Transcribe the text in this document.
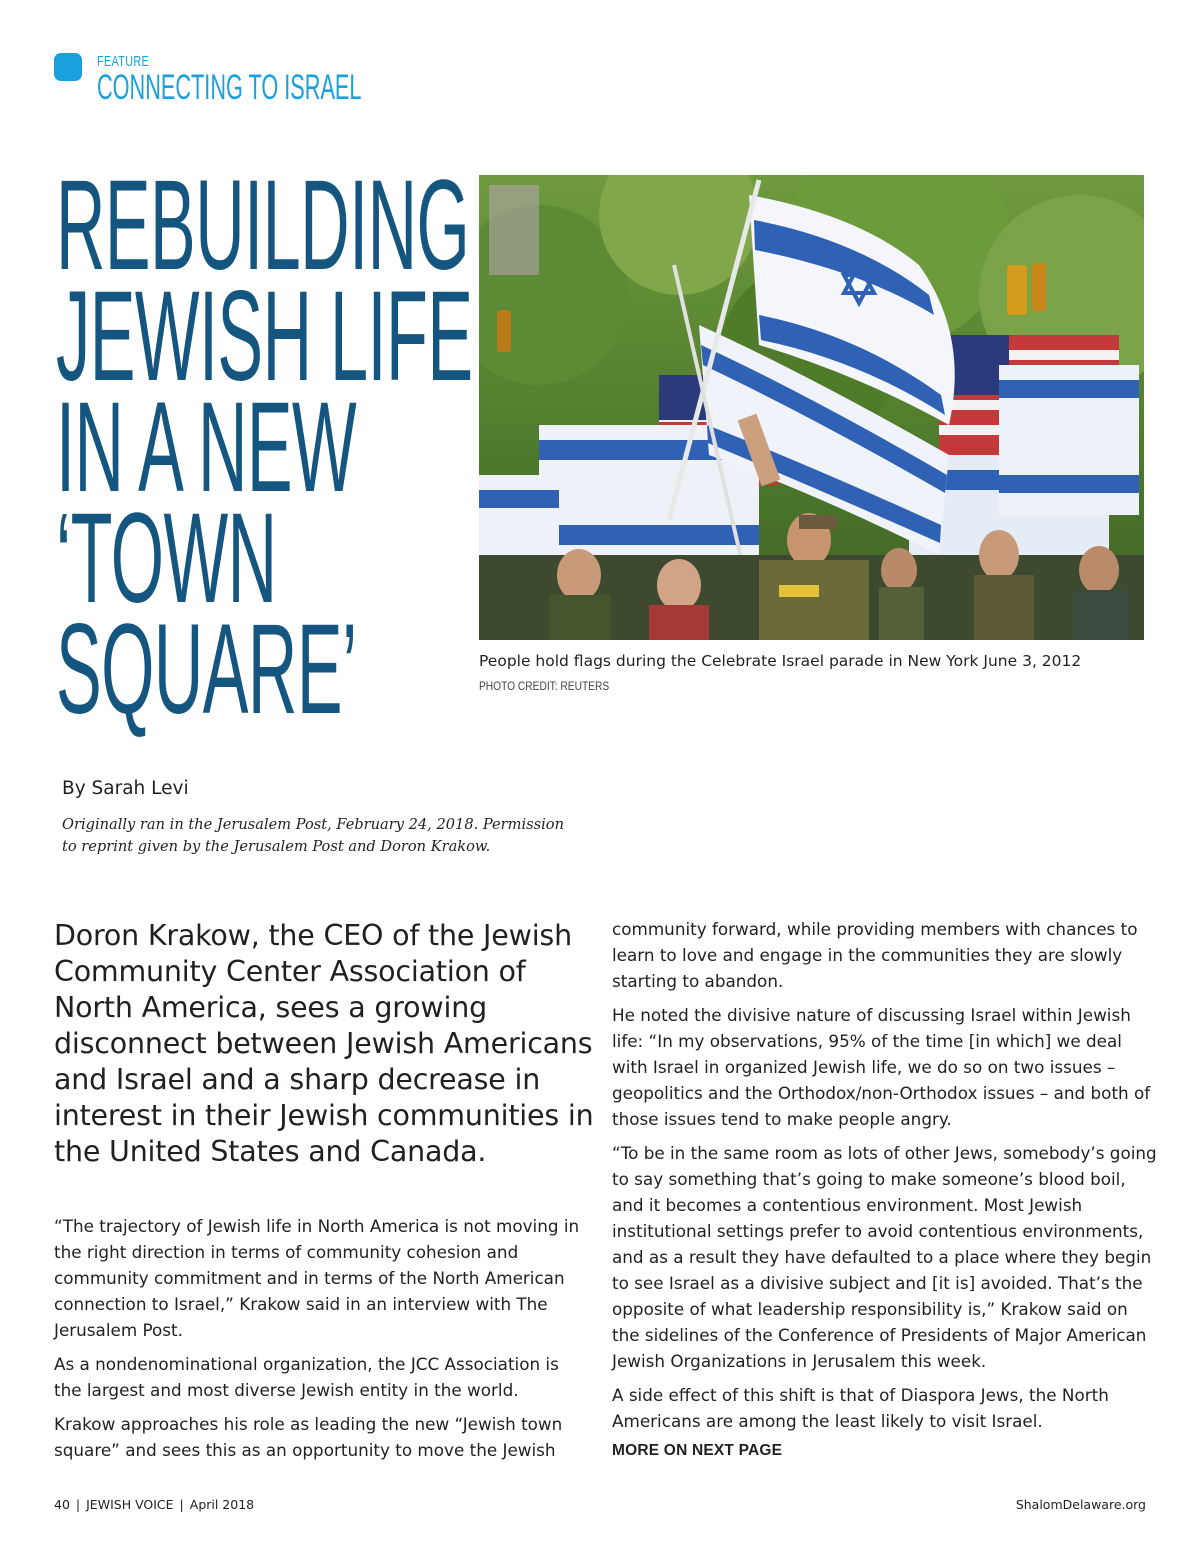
FEATURE
CONNECTING TO ISRAEL
REBUILDING
JEWISH LIFE
IN A NEW
‘TOWN
SQUARE’	People hold flags during the Celebrate Israel parade in New York June 3, 2012
PHOTO CREDIT: REUTERS
By Sarah Levi
Originally ran in the Jerusalem Post, February 24, 2018. Permission to reprint given by the Jerusalem Post and Doron Krakow.
Doron Krakow, the CEO of the Jewish Community Center Association of North America, sees a growing disconnect between Jewish Americans and Israel and a sharp decrease in interest in their Jewish communities in the United States and Canada.

“The trajectory of Jewish life in North America is not moving in the right direction in terms of community cohesion and community commitment and in terms of the North American connection to Israel,” Krakow said in an interview with The Jerusalem Post.

As a nondenominational organization, the JCC Association is the largest and most diverse Jewish entity in the world.

Krakow approaches his role as leading the new “Jewish town square” and sees this as an opportunity to move the Jewish

community forward, while providing members with chances to learn to love and engage in the communities they are slowly starting to abandon.

He noted the divisive nature of discussing Israel within Jewish life: “In my observations, 95% of the time [in which] we deal with Israel in organized Jewish life, we do so on two issues – geopolitics and the Orthodox/non-Orthodox issues – and both of those issues tend to make people angry.

“To be in the same room as lots of other Jews, somebody’s going to say something that’s going to make someone’s blood boil, and it becomes a contentious environment. Most Jewish institutional settings prefer to avoid contentious environments, and as a result they have defaulted to a place where they begin to see Israel as a divisive subject and [it is] avoided. That’s the opposite of what leadership responsibility is,” Krakow said on the sidelines of the Conference of Presidents of Major American Jewish Organizations in Jerusalem this week.

A side effect of this shift is that of Diaspora Jews, the North Americans are among the least likely to visit Israel.

MORE ON NEXT PAGE
40 | JEWISH VOICE | April 2018	ShalomDelaware.org
